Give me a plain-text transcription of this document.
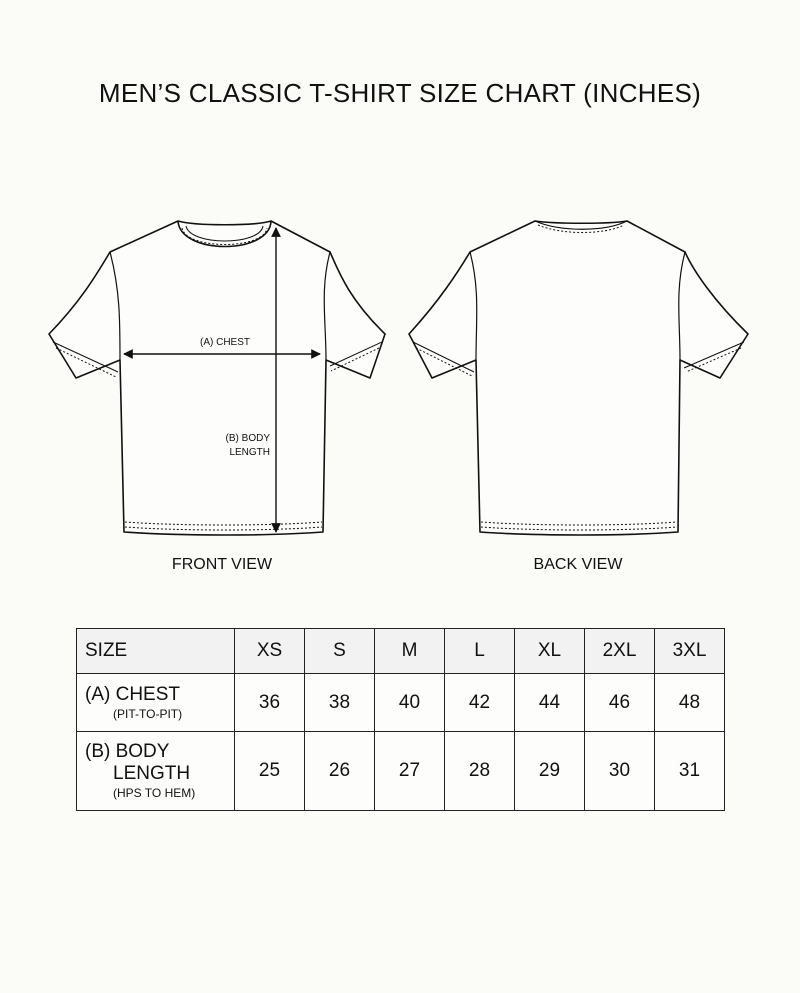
MEN’S CLASSIC T-SHIRT SIZE CHART (INCHES)
(A) CHEST
(B) BODY
LENGTH
FRONT VIEW	BACK VIEW
SIZE	XS	S	M	L	XL	2XL	3XL
(A) CHEST
(PIT-TO-PIT)	36	38	40	42	44	46	48
(B) BODY
LENGTH
(HPS TO HEM)	25	26	27	28	29	30	31
